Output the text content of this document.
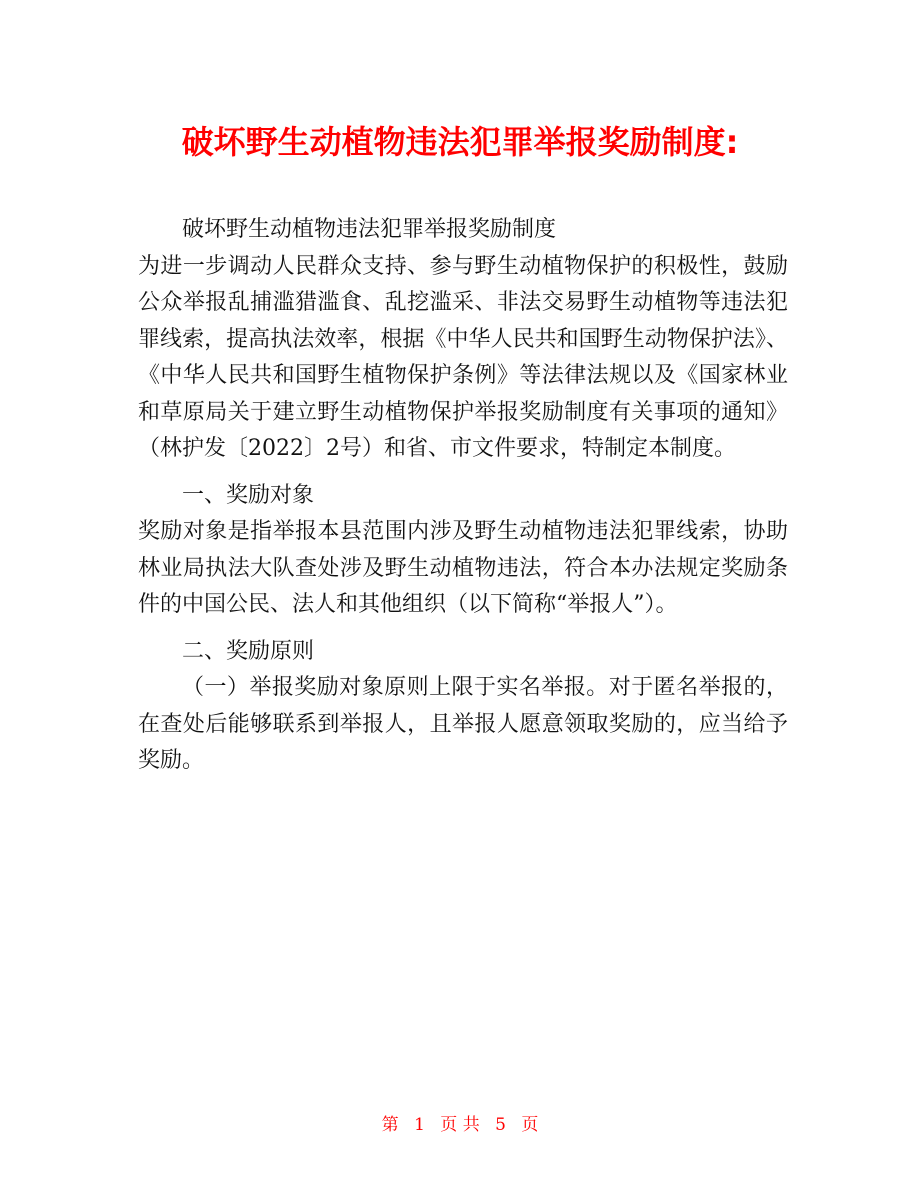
破坏野生动植物违法犯罪举报奖励制度:

破坏野生动植物违法犯罪举报奖励制度

为进一步调动人民群众支持、参与野生动植物保护的积极性，鼓励公众举报乱捕滥猎滥食、乱挖滥采、非法交易野生动植物等违法犯罪线索，提高执法效率，根据《中华人民共和国野生动物保护法》、《中华人民共和国野生植物保护条例》等法律法规以及《国家林业和草原局关于建立野生动植物保护举报奖励制度有关事项的通知》（林护发〔2022〕2号）和省、市文件要求，特制定本制度。

一、奖励对象

奖励对象是指举报本县范围内涉及野生动植物违法犯罪线索，协助林业局执法大队查处涉及野生动植物违法，符合本办法规定奖励条件的中国公民、法人和其他组织（以下简称“举报人”）。

二、奖励原则

（一）举报奖励对象原则上限于实名举报。对于匿名举报的，在查处后能够联系到举报人，且举报人愿意领取奖励的，应当给予奖励。

第 1 页 共 5 页
